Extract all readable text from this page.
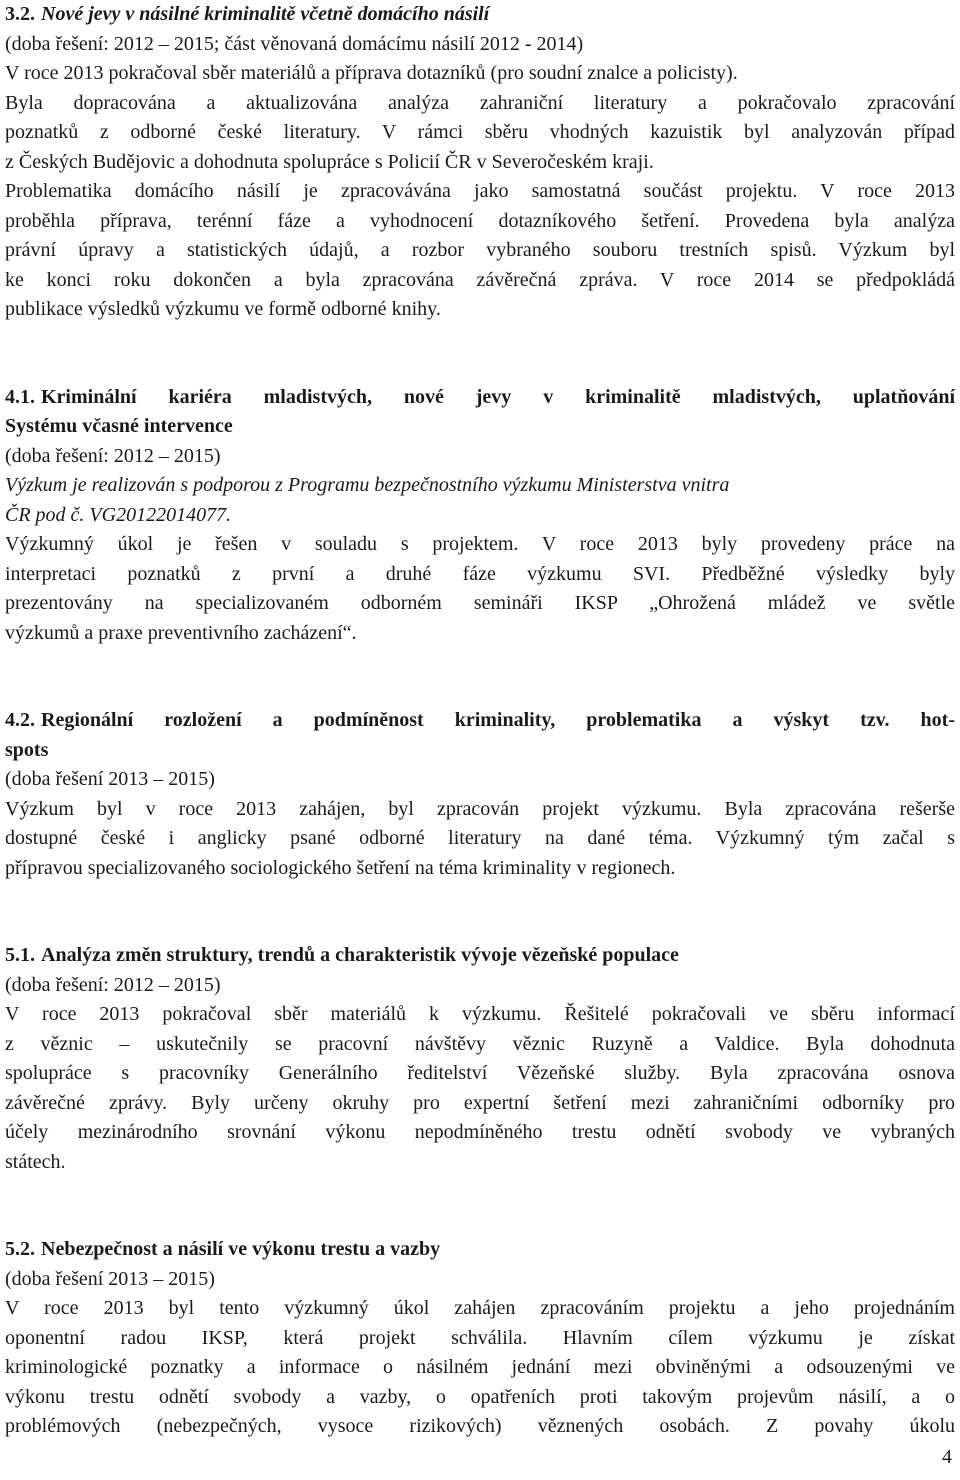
3.2. Nové jevy v násilné kriminalitě včetně domácího násilí

(doba řešení: 2012 – 2015; část věnovaná domácímu násilí 2012 - 2014)

V roce 2013 pokračoval sběr materiálů a příprava dotazníků (pro soudní znalce a policisty).

Byla dopracována a aktualizována analýza zahraniční literatury a pokračovalo zpracování

poznatků z odborné české literatury. V rámci sběru vhodných kazuistik byl analyzován případ

z Českých Budějovic a dohodnuta spolupráce s Policií ČR v Severočeském kraji.

Problematika domácího násilí je zpracovávána jako samostatná součást projektu. V roce 2013

proběhla příprava, terénní fáze a vyhodnocení dotazníkového šetření. Provedena byla analýza

právní úpravy a statistických údajů, a rozbor vybraného souboru trestních spisů. Výzkum byl

ke konci roku dokončen a byla zpracována závěrečná zpráva. V roce 2014 se předpokládá

publikace výsledků výzkumu ve formě odborné knihy.

4.1. Kriminální kariéra mladistvých, nové jevy v kriminalitě mladistvých, uplatňování

Systému včasné intervence

(doba řešení: 2012 – 2015)

Výzkum je realizován s podporou z Programu bezpečnostního výzkumu Ministerstva vnitra

ČR pod č. VG20122014077.

Výzkumný úkol je řešen v souladu s projektem. V roce 2013 byly provedeny práce na

interpretaci poznatků z první a druhé fáze výzkumu SVI. Předběžné výsledky byly

prezentovány na specializovaném odborném semináři IKSP „Ohrožená mládež ve světle

výzkumů a praxe preventivního zacházení“.

4.2. Regionální rozložení a podmíněnost kriminality, problematika a výskyt tzv. hot-

spots

(doba řešení 2013 – 2015)

Výzkum byl v roce 2013 zahájen, byl zpracován projekt výzkumu. Byla zpracována rešerše

dostupné české i anglicky psané odborné literatury na dané téma. Výzkumný tým začal s

přípravou specializovaného sociologického šetření na téma kriminality v regionech.

5.1. Analýza změn struktury, trendů a charakteristik vývoje vězeňské populace

(doba řešení: 2012 – 2015)

V roce 2013 pokračoval sběr materiálů k výzkumu. Řešitelé pokračovali ve sběru informací

z věznic – uskutečnily se pracovní návštěvy věznic Ruzyně a Valdice. Byla dohodnuta

spolupráce s pracovníky Generálního ředitelství Vězeňské služby. Byla zpracována osnova

závěrečné zprávy. Byly určeny okruhy pro expertní šetření mezi zahraničními odborníky pro

účely mezinárodního srovnání výkonu nepodmíněného trestu odnětí svobody ve vybraných

státech.

5.2. Nebezpečnost a násilí ve výkonu trestu a vazby

(doba řešení 2013 – 2015)

V roce 2013 byl tento výzkumný úkol zahájen zpracováním projektu a jeho projednáním

oponentní radou IKSP, která projekt schválila. Hlavním cílem výzkumu je získat

kriminologické poznatky a informace o násilném jednání mezi obviněnými a odsouzenými ve

výkonu trestu odnětí svobody a vazby, o opatřeních proti takovým projevům násilí, a o

problémových (nebezpečných, vysoce rizikových) věznených osobách. Z povahy úkolu

4
